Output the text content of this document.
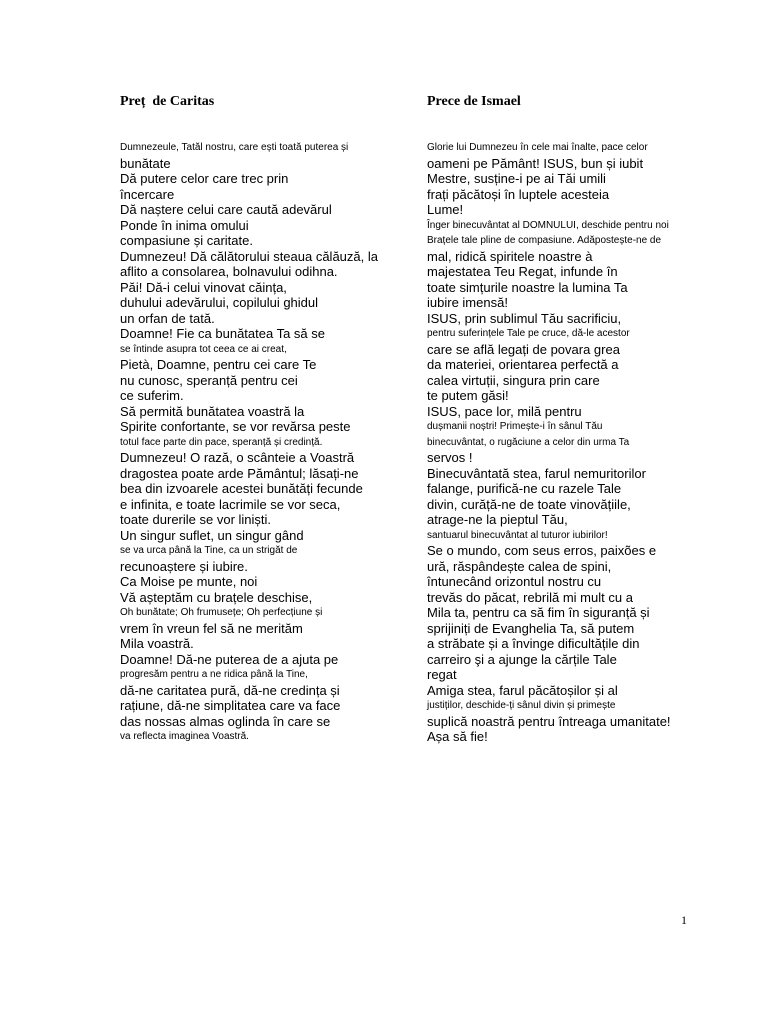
Preț  de Caritas
Dumnezeule, Tatăl nostru, care ești toată puterea și
bunătate
Dă putere celor care trec prin
încercare
Dă naștere celui care caută adevărul
Ponde în inima omului
compasiune și caritate.
Dumnezeu! Dă călătorului steaua călăuză, la
aflito a consolarea, bolnavului odihna.
Păi! Dă-i celui vinovat căința,
duhului adevărului, copilului ghidul
un orfan de tată.
Doamne! Fie ca bunătatea Ta să se
se întinde asupra tot ceea ce ai creat,
Pietà, Doamne, pentru cei care Te
nu cunosc, speranță pentru cei
ce suferim.
Să permită bunătatea voastră la
Spirite confortante, se vor revărsa peste
totul face parte din pace, speranță și credință.
Dumnezeu! O rază, o scânteie a Voastră
dragostea poate arde Pământul; lăsați-ne
bea din izvoarele acestei bunătăți fecunde
e infinita, e toate lacrimile se vor seca,
toate durerile se vor liniști.
Un singur suflet, un singur gând
se va urca până la Tine, ca un strigăt de
recunoaștere și iubire.
Ca Moise pe munte, noi
Vă așteptăm cu brațele deschise,
Oh bunătate; Oh frumusețe; Oh perfecțiune și
vrem în vreun fel să ne merităm
Mila voastră.
Doamne! Dă-ne puterea de a ajuta pe
progresăm pentru a ne ridica până la Tine,
dă-ne caritatea pură, dă-ne credința și
rațiune, dă-ne simplitatea care va face
das nossas almas oglinda în care se
va reflecta imaginea Voastră.
Prece de Ismael
Glorie lui Dumnezeu în cele mai înalte, pace celor
oameni pe Pământ! ISUS, bun și iubit
Mestre, susține-i pe ai Tăi umili
frați păcătoși în luptele acesteia
Lume!
Înger binecuvântat al DOMNULUI, deschide pentru noi
Brațele tale pline de compasiune. Adăpostește-ne de
mal, ridică spiritele noastre à
majestatea Teu Regat, infunde în
toate simțurile noastre la lumina Ta
iubire imensă!
ISUS, prin sublimul Tău sacrificiu,
pentru suferințele Tale pe cruce, dă-le acestor
care se află legați de povara grea
da materiei, orientarea perfectă a
calea virtuții, singura prin care
te putem găsi!
ISUS, pace lor, milă pentru
dușmanii noștri! Primește-i în sânul Tău
binecuvântat, o rugăciune a celor din urma Ta
servos !
Binecuvântată stea, farul nemuritorilor
falange, purifică-ne cu razele Tale
divin, curăță-ne de toate vinovățiile,
atrage-ne la pieptul Tău,
santuarul binecuvântat al tuturor iubirilor!
Se o mundo, com seus erros, paixões e
ură, răspândește calea de spini,
întunecând orizontul nostru cu
trevăs do păcat, rebrilă mi mult cu a
Mila ta, pentru ca să fim în siguranță și
sprijiniți de Evanghelia Ta, să putem
a străbate și a învinge dificultățile din
carreiro şi a ajunge la cărțile Tale
regat
Amiga stea, farul păcătoșilor și al
justiților, deschide-ți sânul divin și primește
suplică noastră pentru întreaga umanitate!
Așa să fie!
1
